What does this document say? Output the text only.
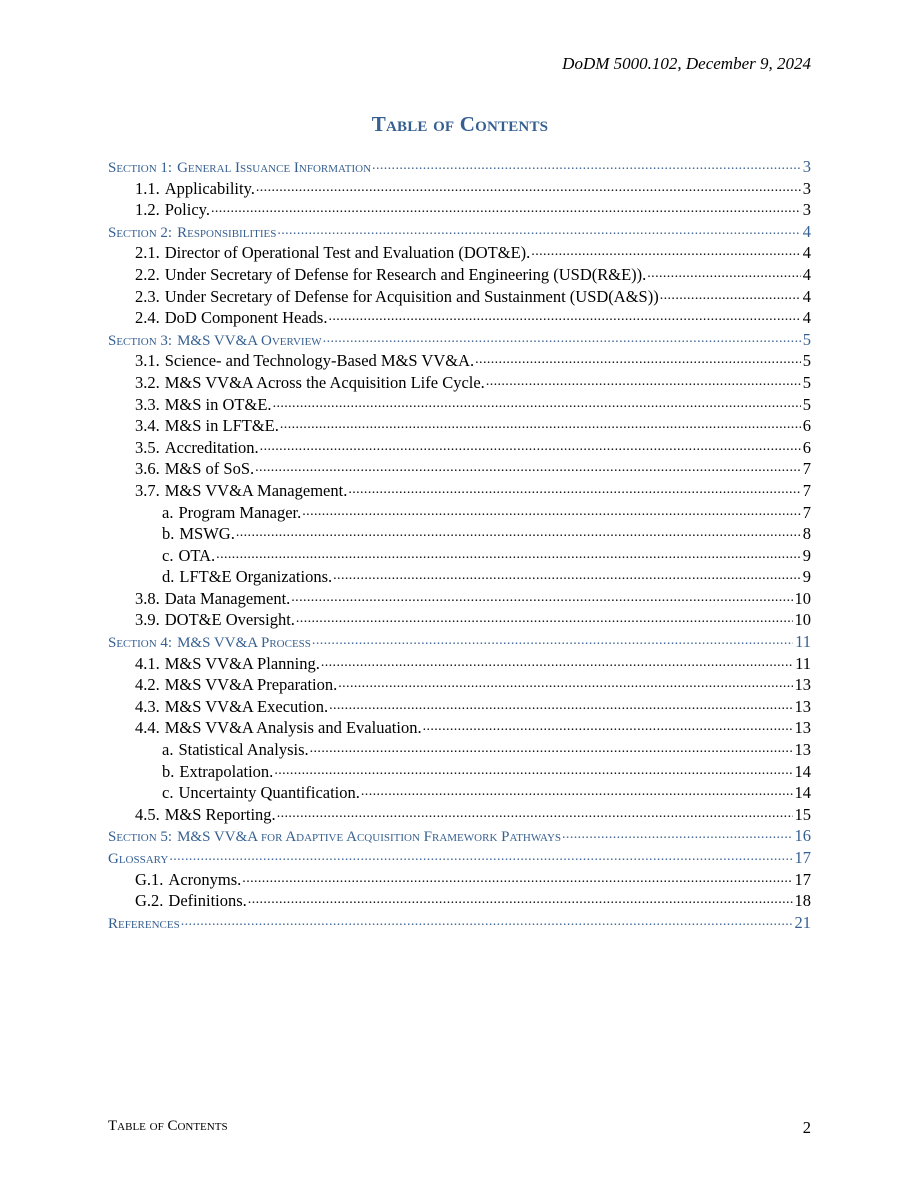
DoDM 5000.102, December 9, 2024
Table of Contents
Section 1: General Issuance Information .....	3
1.1. Applicability. .....	3
1.2. Policy. .....	3
Section 2: Responsibilities .....	4
2.1. Director of Operational Test and Evaluation (DOT&E). .....	4
2.2. Under Secretary of Defense for Research and Engineering (USD(R&E)). .....	4
2.3. Under Secretary of Defense for Acquisition and Sustainment (USD(A&S)) .....	4
2.4. DoD Component Heads. .....	4
Section 3: M&S VV&A Overview .....	5
3.1. Science- and Technology-Based M&S VV&A. .....	5
3.2. M&S VV&A Across the Acquisition Life Cycle. .....	5
3.3. M&S in OT&E. .....	5
3.4. M&S in LFT&E. .....	6
3.5. Accreditation. .....	6
3.6. M&S of SoS. .....	7
3.7. M&S VV&A Management. .....	7
a. Program Manager. .....	7
b. MSWG. .....	8
c. OTA. .....	9
d. LFT&E Organizations. .....	9
3.8. Data Management. .....	10
3.9. DOT&E Oversight. .....	10
Section 4: M&S VV&A Process .....	11
4.1. M&S VV&A Planning. .....	11
4.2. M&S VV&A Preparation. .....	13
4.3. M&S VV&A Execution. .....	13
4.4. M&S VV&A Analysis and Evaluation. .....	13
a. Statistical Analysis. .....	13
b. Extrapolation. .....	14
c. Uncertainty Quantification. .....	14
4.5. M&S Reporting. .....	15
Section 5: M&S VV&A for Adaptive Acquisition Framework Pathways .....	16
Glossary .....	17
G.1. Acronyms. .....	17
G.2. Definitions. .....	18
References .....	21
Table of Contents	2
